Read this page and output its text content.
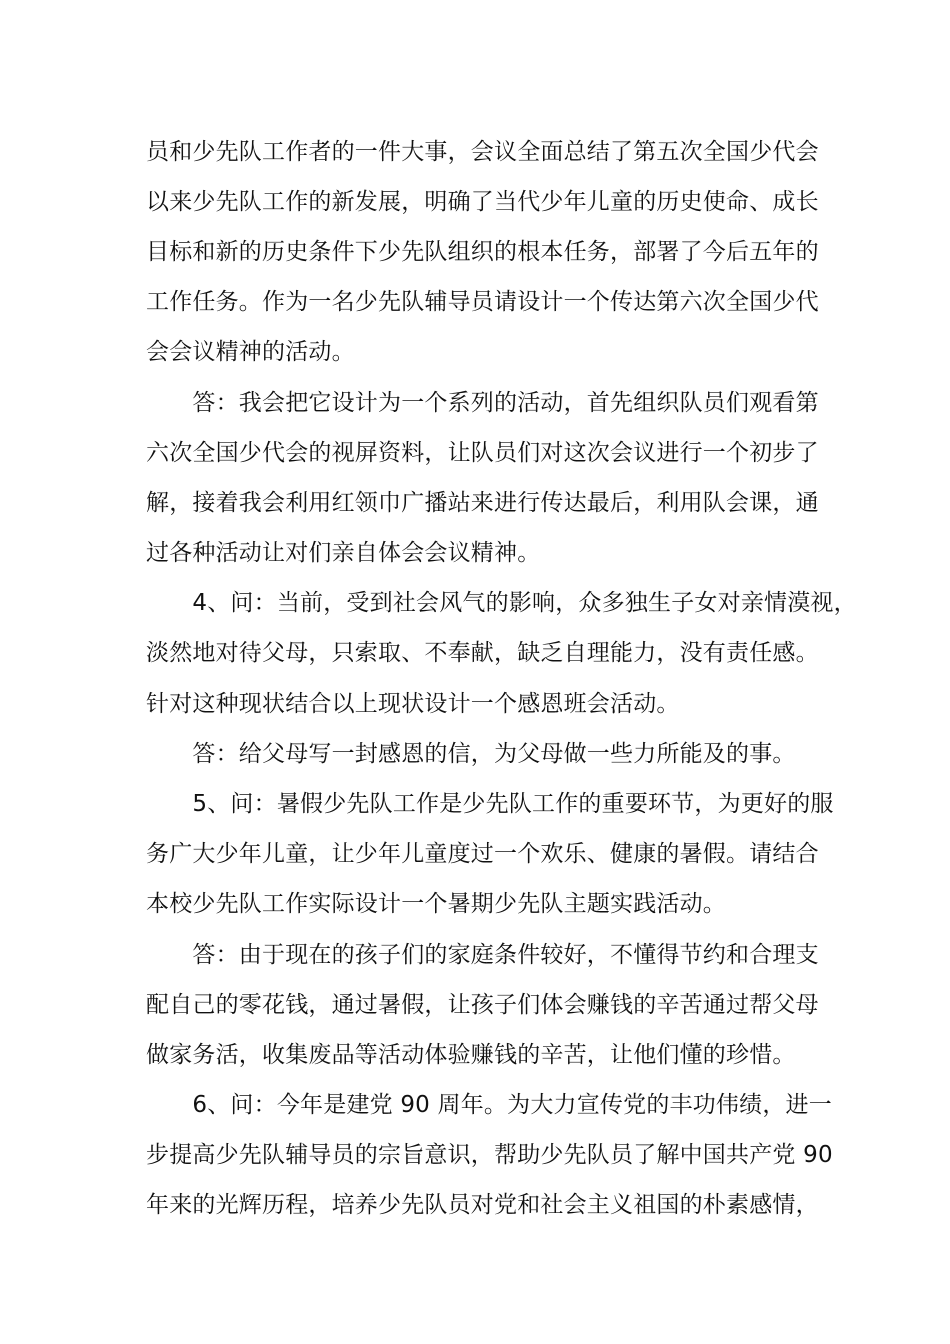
员和少先队工作者的一件大事，会议全面总结了第五次全国少代会
以来少先队工作的新发展，明确了当代少年儿童的历史使命、成长
目标和新的历史条件下少先队组织的根本任务，部署了今后五年的
工作任务。作为一名少先队辅导员请设计一个传达第六次全国少代
会会议精神的活动。
　　答：我会把它设计为一个系列的活动，首先组织队员们观看第
六次全国少代会的视屏资料，让队员们对这次会议进行一个初步了
解，接着我会利用红领巾广播站来进行传达最后，利用队会课，通
过各种活动让对们亲自体会会议精神。
　　4、问：当前，受到社会风气的影响，众多独生子女对亲情漠视，
淡然地对待父母，只索取、不奉献，缺乏自理能力，没有责任感。
针对这种现状结合以上现状设计一个感恩班会活动。
　　答：给父母写一封感恩的信，为父母做一些力所能及的事。
　　5、问：暑假少先队工作是少先队工作的重要环节，为更好的服
务广大少年儿童，让少年儿童度过一个欢乐、健康的暑假。请结合
本校少先队工作实际设计一个暑期少先队主题实践活动。
　　答：由于现在的孩子们的家庭条件较好，不懂得节约和合理支
配自己的零花钱，通过暑假，让孩子们体会赚钱的辛苦通过帮父母
做家务活，收集废品等活动体验赚钱的辛苦，让他们懂的珍惜。
　　6、问：今年是建党 90 周年。为大力宣传党的丰功伟绩，进一
步提高少先队辅导员的宗旨意识，帮助少先队员了解中国共产党 90
年来的光辉历程，培养少先队员对党和社会主义祖国的朴素感情，
